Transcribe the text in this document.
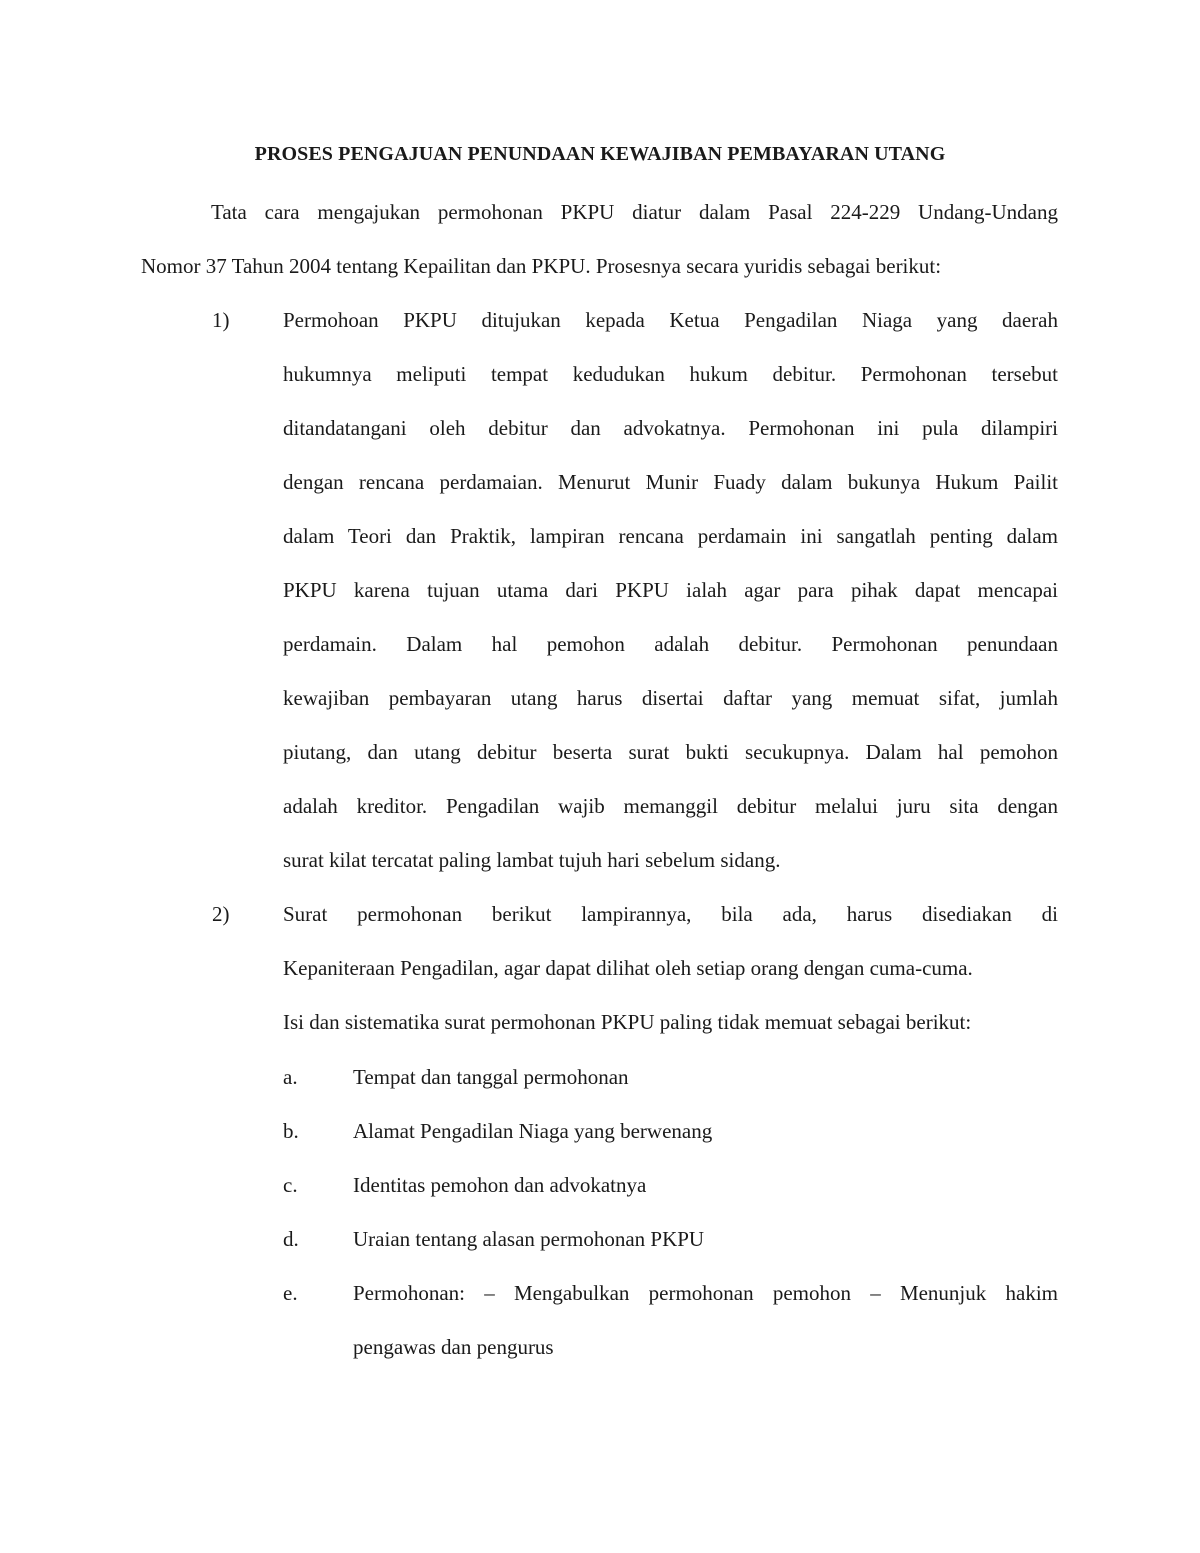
PROSES PENGAJUAN PENUNDAAN KEWAJIBAN PEMBAYARAN UTANG
Tata cara mengajukan permohonan PKPU diatur dalam Pasal 224-229 Undang-Undang
Nomor 37 Tahun 2004 tentang Kepailitan dan PKPU. Prosesnya secara yuridis sebagai berikut:
1)	Permohoan PKPU ditujukan kepada Ketua Pengadilan Niaga yang daerah
hukumnya meliputi tempat kedudukan hukum debitur. Permohonan tersebut
ditandatangani oleh debitur dan advokatnya. Permohonan ini pula dilampiri
dengan rencana perdamaian. Menurut Munir Fuady dalam bukunya Hukum Pailit
dalam Teori dan Praktik, lampiran rencana perdamain ini sangatlah penting dalam
PKPU karena tujuan utama dari PKPU ialah agar para pihak dapat mencapai
perdamain. Dalam hal pemohon adalah debitur. Permohonan penundaan
kewajiban pembayaran utang harus disertai daftar yang memuat sifat, jumlah
piutang, dan utang debitur beserta surat bukti secukupnya. Dalam hal pemohon
adalah kreditor. Pengadilan wajib memanggil debitur melalui juru sita dengan
surat kilat tercatat paling lambat tujuh hari sebelum sidang.
2)	Surat permohonan berikut lampirannya, bila ada, harus disediakan di
Kepaniteraan Pengadilan, agar dapat dilihat oleh setiap orang dengan cuma-cuma.
Isi dan sistematika surat permohonan PKPU paling tidak memuat sebagai berikut:
a.	Tempat dan tanggal permohonan
b.	Alamat Pengadilan Niaga yang berwenang
c.	Identitas pemohon dan advokatnya
d.	Uraian tentang alasan permohonan PKPU
e.	Permohonan: – Mengabulkan permohonan pemohon – Menunjuk hakim
pengawas dan pengurus
